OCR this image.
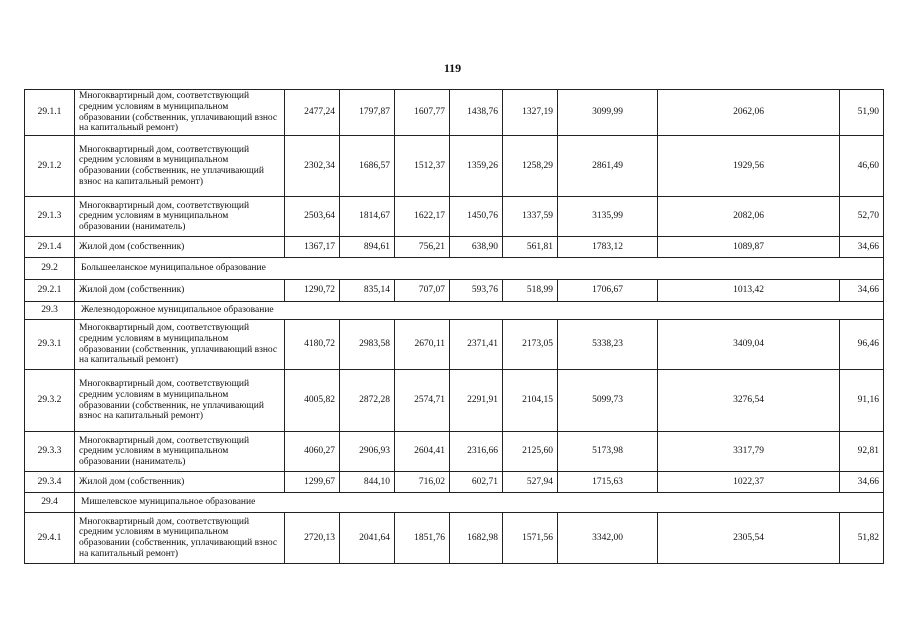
119
29.1.1	Многоквартирный дом, соответствующий средним условиям в муниципальном образовании (собственник, уплачивающий взнос на капитальный ремонт)	2477,24	1797,87	1607,77	1438,76	1327,19	3099,99	2062,06	51,90
29.1.2	Многоквартирный дом, соответствующий средним условиям в муниципальном образовании (собственник, не уплачивающий взнос на капитальный ремонт)	2302,34	1686,57	1512,37	1359,26	1258,29	2861,49	1929,56	46,60
29.1.3	Многоквартирный дом, соответствующий средним условиям в муниципальном образовании (наниматель)	2503,64	1814,67	1622,17	1450,76	1337,59	3135,99	2082,06	52,70
29.1.4	Жилой дом (собственник)	1367,17	894,61	756,21	638,90	561,81	1783,12	1089,87	34,66
29.2	Большееланское муниципальное образование								
29.2.1	Жилой дом (собственник)	1290,72	835,14	707,07	593,76	518,99	1706,67	1013,42	34,66
29.3	Железнодорожное муниципальное образование								
29.3.1	Многоквартирный дом, соответствующий средним условиям в муниципальном образовании (собственник, уплачивающий взнос на капитальный ремонт)	4180,72	2983,58	2670,11	2371,41	2173,05	5338,23	3409,04	96,46
29.3.2	Многоквартирный дом, соответствующий средним условиям в муниципальном образовании (собственник, не уплачивающий взнос на капитальный ремонт)	4005,82	2872,28	2574,71	2291,91	2104,15	5099,73	3276,54	91,16
29.3.3	Многоквартирный дом, соответствующий средним условиям в муниципальном образовании (наниматель)	4060,27	2906,93	2604,41	2316,66	2125,60	5173,98	3317,79	92,81
29.3.4	Жилой дом (собственник)	1299,67	844,10	716,02	602,71	527,94	1715,63	1022,37	34,66
29.4	Мишелевское муниципальное образование								
29.4.1	Многоквартирный дом, соответствующий средним условиям в муниципальном образовании (собственник, уплачивающий взнос на капитальный ремонт)	2720,13	2041,64	1851,76	1682,98	1571,56	3342,00	2305,54	51,82
